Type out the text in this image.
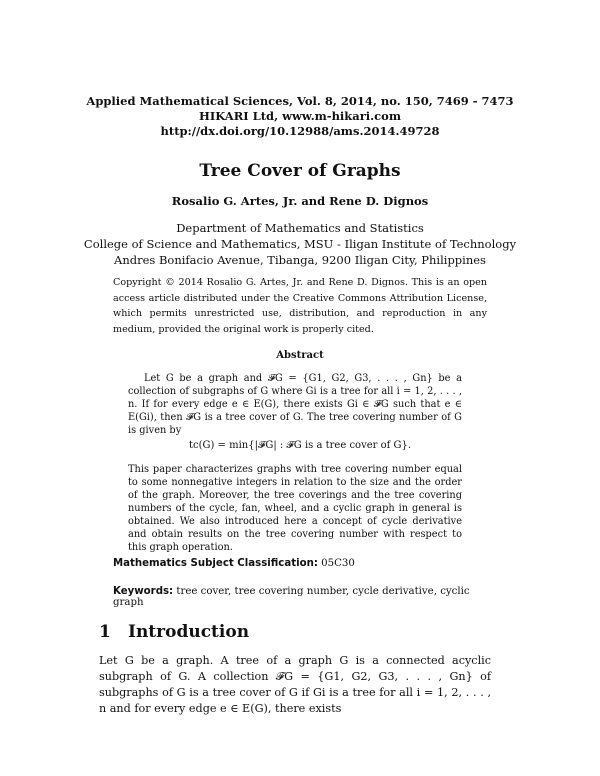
Applied Mathematical Sciences, Vol. 8, 2014, no. 150, 7469 - 7473
HIKARI Ltd, www.m-hikari.com
http://dx.doi.org/10.12988/ams.2014.49728
Tree Cover of Graphs
Rosalio G. Artes, Jr. and Rene D. Dignos
Department of Mathematics and Statistics
College of Science and Mathematics, MSU - Iligan Institute of Technology
Andres Bonifacio Avenue, Tibanga, 9200 Iligan City, Philippines
Copyright © 2014 Rosalio G. Artes, Jr. and Rene D. Dignos. This is an open access article distributed under the Creative Commons Attribution License, which permits unrestricted use, distribution, and reproduction in any medium, provided the original work is properly cited.
Abstract
Let G be a graph and 𝓕G = {G1, G2, G3, . . . , Gn} be a collection of subgraphs of G where Gi is a tree for all i = 1, 2, . . . , n. If for every edge e ∈ E(G), there exists Gi ∈ 𝓕G such that e ∈ E(Gi), then 𝓕G is a tree cover of G. The tree covering number of G is given by
tc(G) = min{|𝓕G| : 𝓕G is a tree cover of G}.
This paper characterizes graphs with tree covering number equal to some nonnegative integers in relation to the size and the order of the graph. Moreover, the tree coverings and the tree covering numbers of the cycle, fan, wheel, and a cyclic graph in general is obtained. We also introduced here a concept of cycle derivative and obtain results on the tree covering number with respect to this graph operation.
Mathematics Subject Classification: 05C30
Keywords: tree cover, tree covering number, cycle derivative, cyclic graph
1 Introduction
Let G be a graph. A tree of a graph G is a connected acyclic subgraph of G. A collection 𝓕G = {G1, G2, G3, . . . , Gn} of subgraphs of G is a tree cover of G if Gi is a tree for all i = 1, 2, . . . , n and for every edge e ∈ E(G), there exists
